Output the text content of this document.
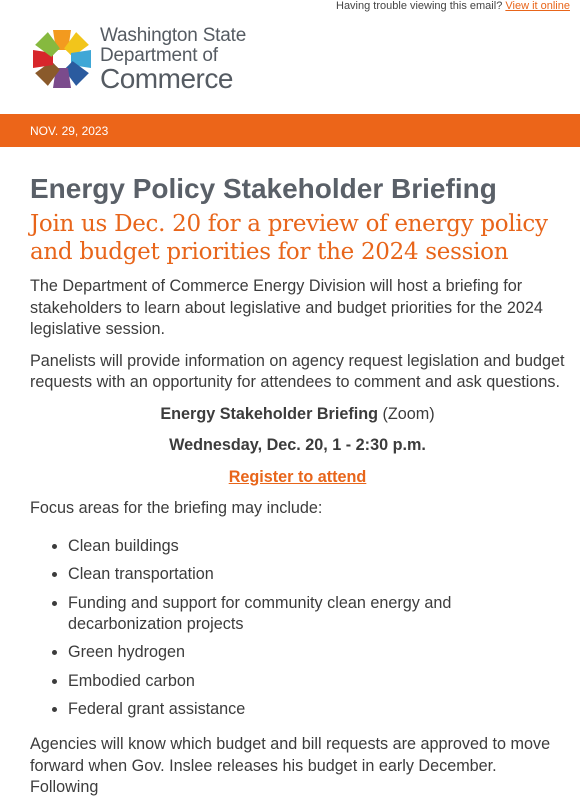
Having trouble viewing this email? View it online
Washington State
Department of
Commerce
NOV. 29, 2023
Energy Policy Stakeholder Briefing
Join us Dec. 20 for a preview of energy policy and budget priorities for the 2024 session

The Department of Commerce Energy Division will host a briefing for stakeholders to learn about legislative and budget priorities for the 2024 legislative session.

Panelists will provide information on agency request legislation and budget requests with an opportunity for attendees to comment and ask questions.

Energy Stakeholder Briefing (Zoom)

Wednesday, Dec. 20, 1 - 2:30 p.m.

Register to attend

Focus areas for the briefing may include:

• Clean buildings
• Clean transportation
• Funding and support for community clean energy and decarbonization projects
• Green hydrogen
• Embodied carbon
• Federal grant assistance

Agencies will know which budget and bill requests are approved to move forward when Gov. Inslee releases his budget in early December. Following
